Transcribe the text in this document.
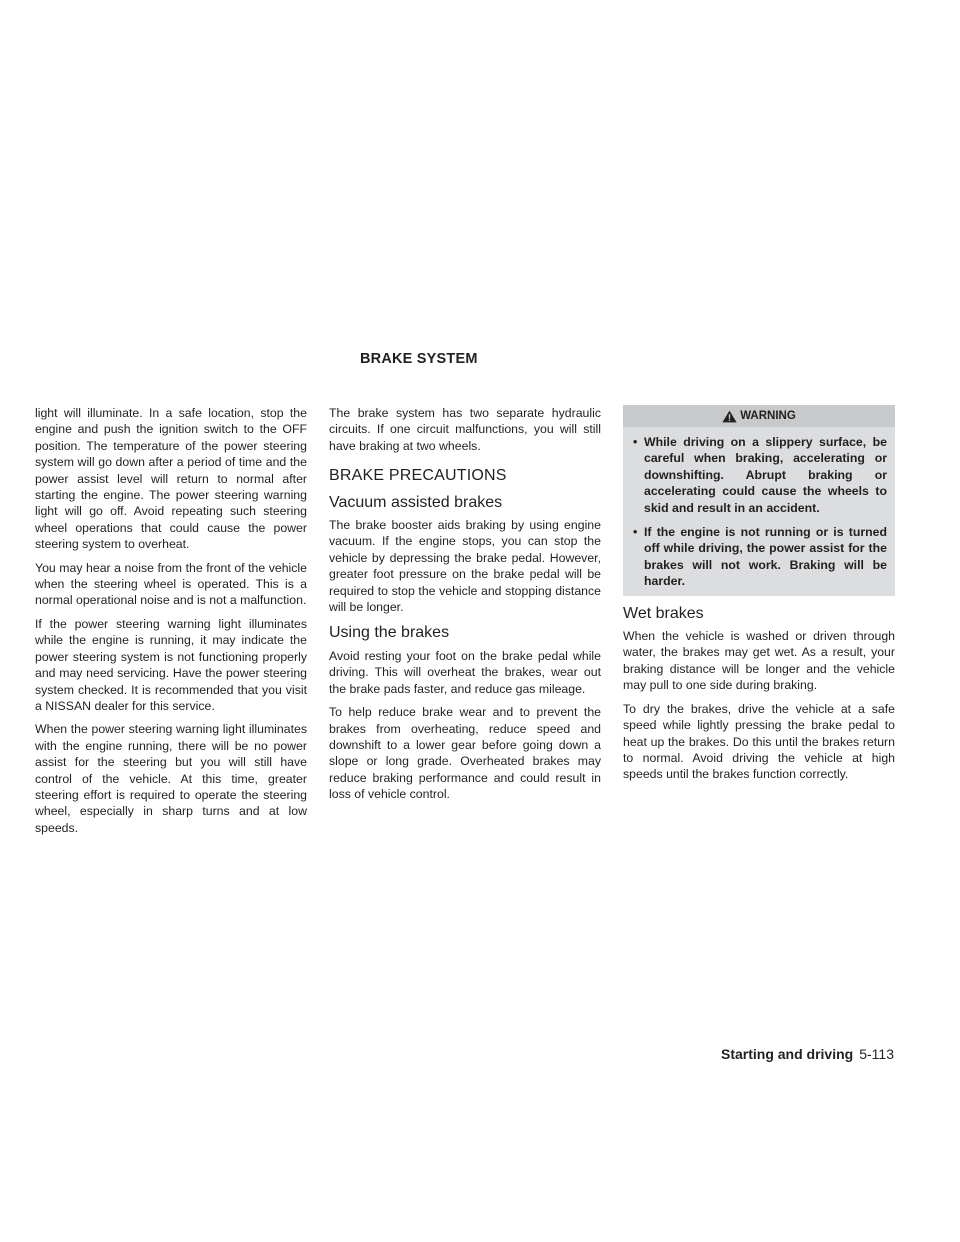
BRAKE SYSTEM

light will illuminate. In a safe location, stop the engine and push the ignition switch to the OFF position. The temperature of the power steering system will go down after a period of time and the power assist level will return to normal after starting the engine. The power steering warning light will go off. Avoid repeating such steering wheel operations that could cause the power steering system to overheat.

You may hear a noise from the front of the vehicle when the steering wheel is operated. This is a normal operational noise and is not a malfunction.

If the power steering warning light illuminates while the engine is running, it may indicate the power steering system is not functioning properly and may need servicing. Have the power steering system checked. It is recommended that you visit a NISSAN dealer for this service.

When the power steering warning light illuminates with the engine running, there will be no power assist for the steering but you will still have control of the vehicle. At this time, greater steering effort is required to operate the steering wheel, especially in sharp turns and at low speeds.

The brake system has two separate hydraulic circuits. If one circuit malfunctions, you will still have braking at two wheels.

BRAKE PRECAUTIONS
Vacuum assisted brakes

The brake booster aids braking by using engine vacuum. If the engine stops, you can stop the vehicle by depressing the brake pedal. However, greater foot pressure on the brake pedal will be required to stop the vehicle and stopping distance will be longer.

Using the brakes

Avoid resting your foot on the brake pedal while driving. This will overheat the brakes, wear out the brake pads faster, and reduce gas mileage.

To help reduce brake wear and to prevent the brakes from overheating, reduce speed and downshift to a lower gear before going down a slope or long grade. Overheated brakes may reduce braking performance and could result in loss of vehicle control.

WARNING
• While driving on a slippery surface, be careful when braking, accelerating or downshifting. Abrupt braking or accelerating could cause the wheels to skid and result in an accident.
• If the engine is not running or is turned off while driving, the power assist for the brakes will not work. Braking will be harder.
Wet brakes

When the vehicle is washed or driven through water, the brakes may get wet. As a result, your braking distance will be longer and the vehicle may pull to one side during braking.

To dry the brakes, drive the vehicle at a safe speed while lightly pressing the brake pedal to heat up the brakes. Do this until the brakes return to normal. Avoid driving the vehicle at high speeds until the brakes function correctly.

Starting and driving 5-113
